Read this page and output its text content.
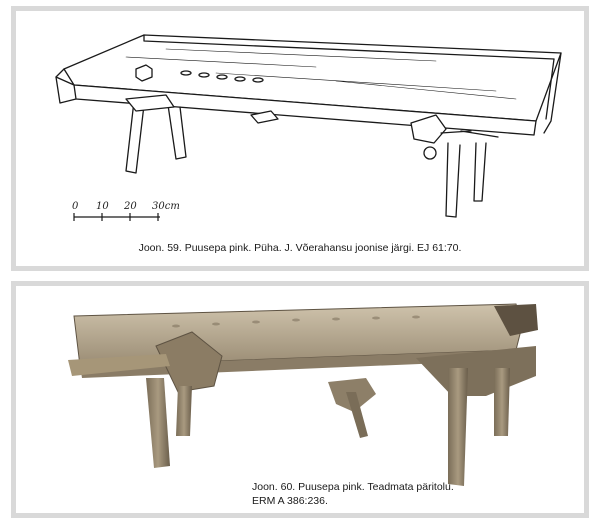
0 10 20 30cm
Joon. 59. Puusepa pink. Püha. J. Võerahansu joonise järgi. EJ 61:70.
Joon. 60. Puusepa pink. Teadmata päritolu.
ERM A 386:236.
